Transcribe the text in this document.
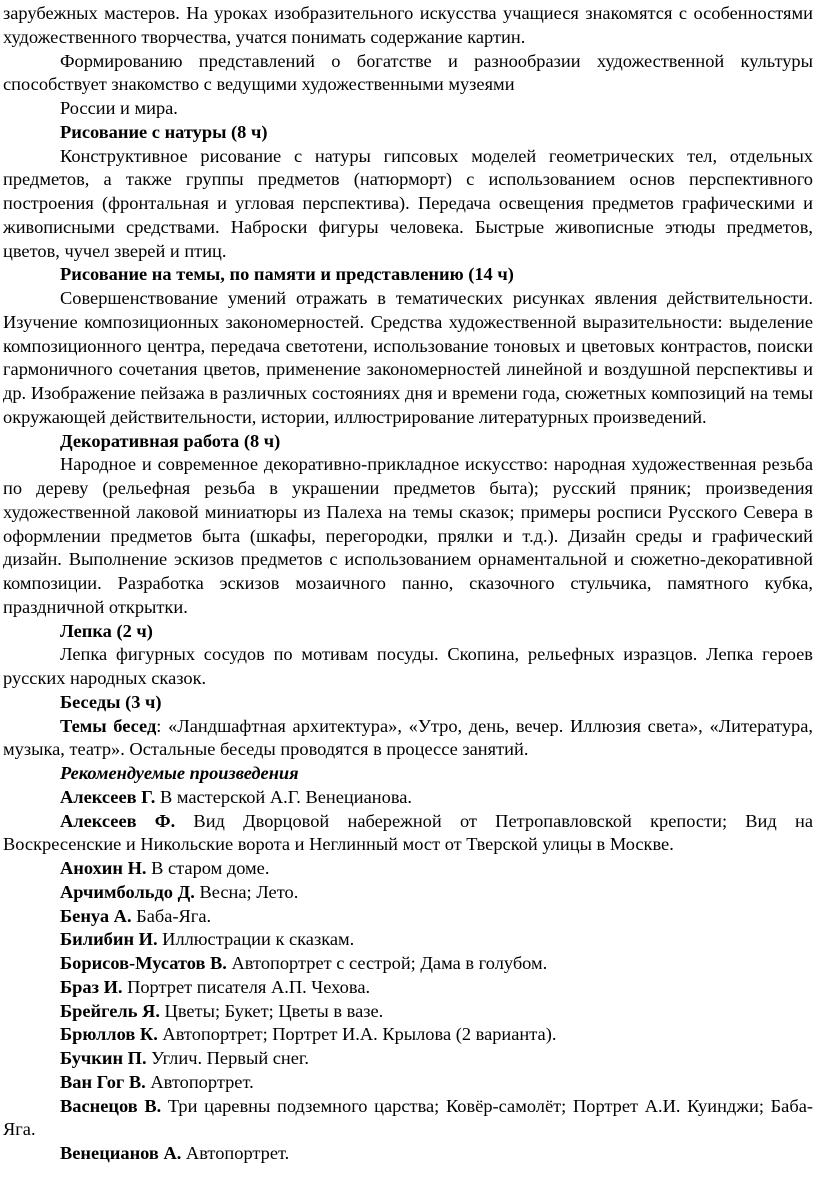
зарубежных мастеров. На уроках изобразительного искусства учащиеся знакомятся с особенностями художественного творчества, учатся понимать содержание картин.

Формированию представлений о богатстве и разнообразии художественной культуры способствует знакомство с ведущими художественными музеями

России и мира.

Рисование с натуры (8 ч)

Конструктивное рисование с натуры гипсовых моделей геометрических тел, отдельных предметов, а также группы предметов (натюрморт) с использованием основ перспективного построения (фронтальная и угловая перспектива). Передача освещения предметов графическими и живописными средствами. Наброски фигуры человека. Быстрые живописные этюды предметов, цветов, чучел зверей и птиц.

Рисование на темы, по памяти и представлению (14 ч)

Совершенствование умений отражать в тематических рисунках явления действительности. Изучение композиционных закономерностей. Средства художественной выразительности: выделение композиционного центра, передача светотени, использование тоновых и цветовых контрастов, поиски гармоничного сочетания цветов, применение закономерностей линейной и воздушной перспективы и др. Изображение пейзажа в различных состояниях дня и времени года, сюжетных композиций на темы окружающей действительности, истории, иллюстрирование литературных произведений.

Декоративная работа (8 ч)

Народное и современное декоративно-прикладное искусство: народная художественная резьба по дереву (рельефная резьба в украшении предметов быта); русский пряник; произведения художественной лаковой миниатюры из Палеха на темы сказок; примеры росписи Русского Севера в оформлении предметов быта (шкафы, перегородки, прялки и т.д.). Дизайн среды и графический дизайн. Выполнение эскизов предметов с использованием орнаментальной и сюжетно-декоративной композиции. Разработка эскизов мозаичного панно, сказочного стульчика, памятного кубка, праздничной открытки.

Лепка (2 ч)

Лепка фигурных сосудов по мотивам посуды. Скопина, рельефных изразцов. Лепка героев русских народных сказок.

Беседы (3 ч)

Темы бесед: «Ландшафтная архитектура», «Утро, день, вечер. Иллюзия света», «Литература, музыка, театр». Остальные беседы проводятся в процессе занятий.

Рекомендуемые произведения

Алексеев Г. В мастерской А.Г. Венецианова.

Алексеев Ф. Вид Дворцовой набережной от Петропавловской крепости; Вид на Воскресенские и Никольские ворота и Неглинный мост от Тверской улицы в Москве.

Анохин Н. В старом доме.

Арчимбольдо Д. Весна; Лето.

Бенуа А. Баба-Яга.

Билибин И. Иллюстрации к сказкам.

Борисов-Мусатов В. Автопортрет с сестрой; Дама в голубом.

Браз И. Портрет писателя А.П. Чехова.

Брейгель Я. Цветы; Букет; Цветы в вазе.

Брюллов К. Автопортрет; Портрет И.А. Крылова (2 варианта).

Бучкин П. Углич. Первый снег.

Ван Гог В. Автопортрет.

Васнецов В. Три царевны подземного царства; Ковёр-самолёт; Портрет А.И. Куинджи; Баба-Яга.

Венецианов А. Автопортрет.
